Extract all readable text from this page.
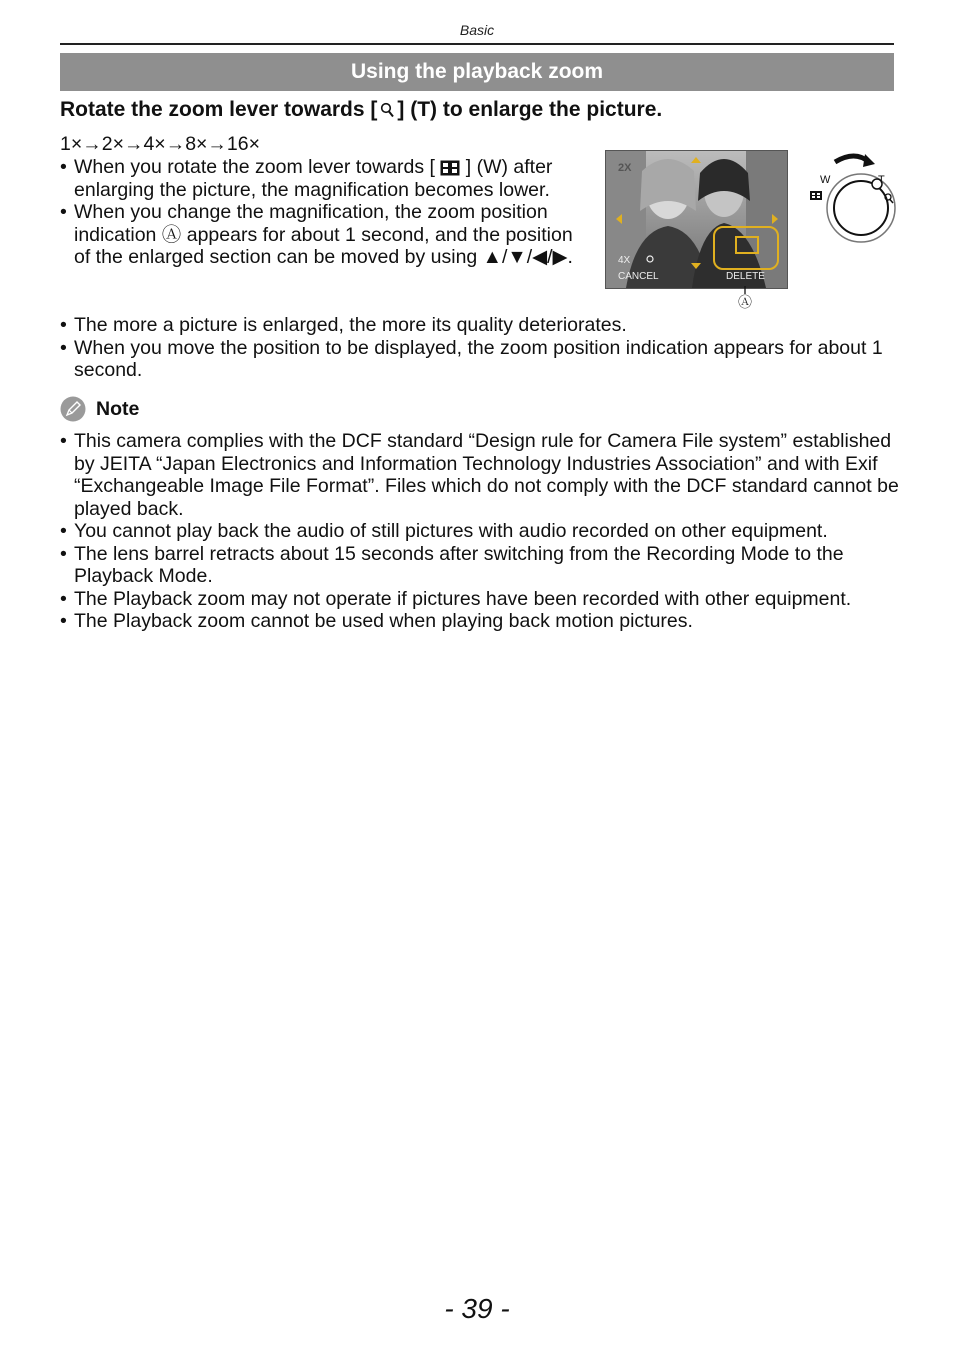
Basic
Using the playback zoom
Rotate the zoom lever towards [ ] (T) to enlarge the picture.
1×→2×→4×→8×→16×
• When you rotate the zoom lever towards [ ] (W) after enlarging the picture, the magnification becomes lower.
• When you change the magnification, the zoom position indication Ⓐ appears for about 1 second, and the position of the enlarged section can be moved by using ▲/▼/◀/▶.
• The more a picture is enlarged, the more its quality deteriorates.
• When you move the position to be displayed, the zoom position indication appears for about 1 second.
2X
4X
CANCEL	DELETE
Ⓐ
W	T
Note
• This camera complies with the DCF standard “Design rule for Camera File system” established by JEITA “Japan Electronics and Information Technology Industries Association” and with Exif “Exchangeable Image File Format”. Files which do not comply with the DCF standard cannot be played back.
• You cannot play back the audio of still pictures with audio recorded on other equipment.
• The lens barrel retracts about 15 seconds after switching from the Recording Mode to the Playback Mode.
• The Playback zoom may not operate if pictures have been recorded with other equipment.
• The Playback zoom cannot be used when playing back motion pictures.
- 39 -
